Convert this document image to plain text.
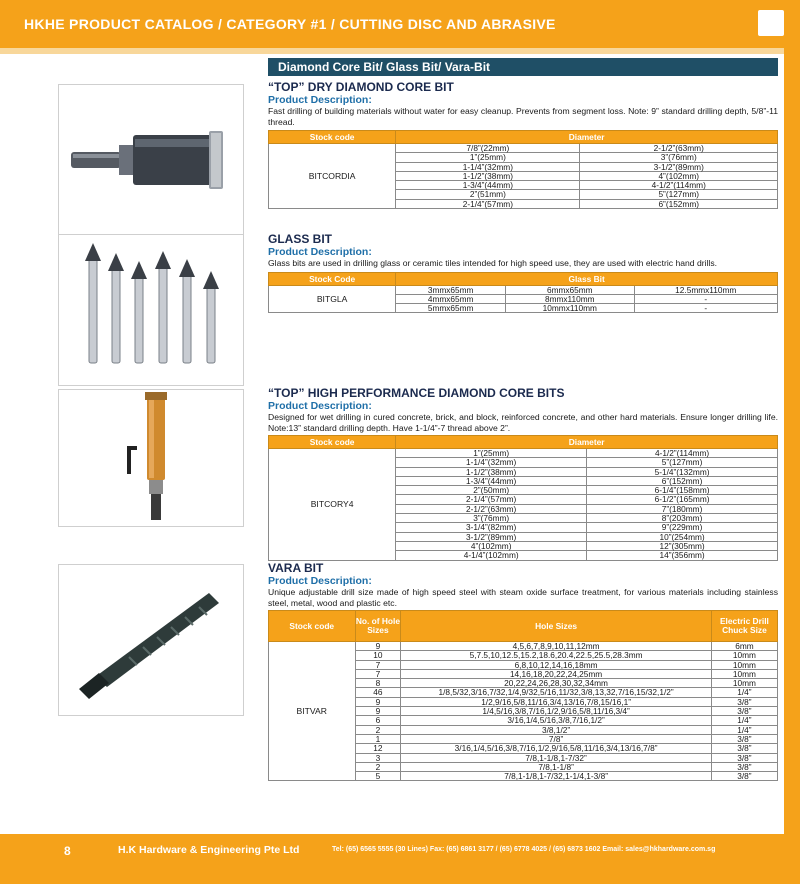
HKHE PRODUCT CATALOG / CATEGORY #1 / CUTTING DISC AND ABRASIVE
Diamond Core Bit/ Glass Bit/ Vara-Bit

“TOP” DRY DIAMOND CORE BIT

Product Description:

Fast drilling of building materials without water for easy cleanup. Prevents from segment loss. Note: 9” standard drilling depth, 5/8”-11 thread.

Stock code	Diameter	
BITCORDIA	7/8”(22mm)	2-1/2”(63mm)
	1”(25mm)	3”(76mm)
	1-1/4”(32mm)	3-1/2”(89mm)
	1-1/2”(38mm)	4”(102mm)
	1-3/4”(44mm)	4-1/2”(114mm)
	2”(51mm)	5”(127mm)
	2-1/4”(57mm)	6”(152mm)

GLASS BIT

Product Description:

Glass bits are used in drilling glass or ceramic tiles intended for high speed use, they are used with electric hand drills.

Stock Code	Glass Bit		
BITGLA	3mmx65mm	6mmx65mm	12.5mmx110mm
	4mmx65mm	8mmx110mm	-
	5mmx65mm	10mmx110mm	-

“TOP” HIGH PERFORMANCE DIAMOND CORE BITS

Product Description:

Designed for wet drilling in cured concrete, brick, and block, reinforced concrete, and other hard materials. Ensure longer drilling life. Note:13” standard drilling depth. Have 1-1/4”-7 thread above 2”.

Stock code	Diameter	
BITCORY4	1”(25mm)	4-1/2”(114mm)
	1-1/4”(32mm)	5”(127mm)
	1-1/2”(38mm)	5-1/4”(132mm)
	1-3/4”(44mm)	6”(152mm)
	2”(50mm)	6-1/4”(158mm)
	2-1/4”(57mm)	6-1/2”(165mm)
	2-1/2”(63mm)	7”(180mm)
	3”(76mm)	8”(203mm)
	3-1/4”(82mm)	9”(229mm)
	3-1/2”(89mm)	10”(254mm)
	4”(102mm)	12”(305mm)
	4-1/4”(102mm)	14”(356mm)

VARA BIT

Product Description:

Unique adjustable drill size made of high speed steel with steam oxide surface treatment, for various materials including stainless steel, metal, wood and plastic etc.

Stock code	No. of Hole Sizes	Hole Sizes	Electric Drill Chuck Size
BITVAR	9	4,5,6,7,8,9,10,11,12mm	6mm
	10	5,7.5,10,12.5,15.2,18.6,20.4,22.5,25.5,28.3mm	10mm
	7	6,8,10,12,14,16,18mm	10mm
	7	14,16,18,20,22,24,25mm	10mm
	8	20,22,24,26,28,30,32,34mm	10mm
	46	1/8,5/32,3/16,7/32,1/4,9/32,5/16,11/32,3/8,13,32,7/16,15/32,1/2”	1/4”
	9	1/2,9/16,5/8,11/16,3/4,13/16,7/8,15/16,1”	3/8”
	9	1/4,5/16,3/8,7/16,1/2,9/16,5/8,11/16,3/4”	3/8”
	6	3/16,1/4,5/16,3/8,7/16,1/2”	1/4”
	2	3/8,1/2”	1/4”
	1	7/8”	3/8”
	12	3/16,1/4,5/16,3/8,7/16,1/2,9/16,5/8,11/16,3/4,13/16,7/8”	3/8”
	3	7/8,1-1/8,1-7/32”	3/8”
	2	7/8,1-1/8”	3/8”
	5	7/8,1-1/8,1-7/32,1-1/4,1-3/8”	3/8”
8	H.K Hardware & Engineering Pte Ltd	Tel: (65) 6565 5555 (30 Lines) Fax: (65) 6861 3177 / (65) 6778 4025 / (65) 6873 1602 Email: sales@hkhardware.com.sg
